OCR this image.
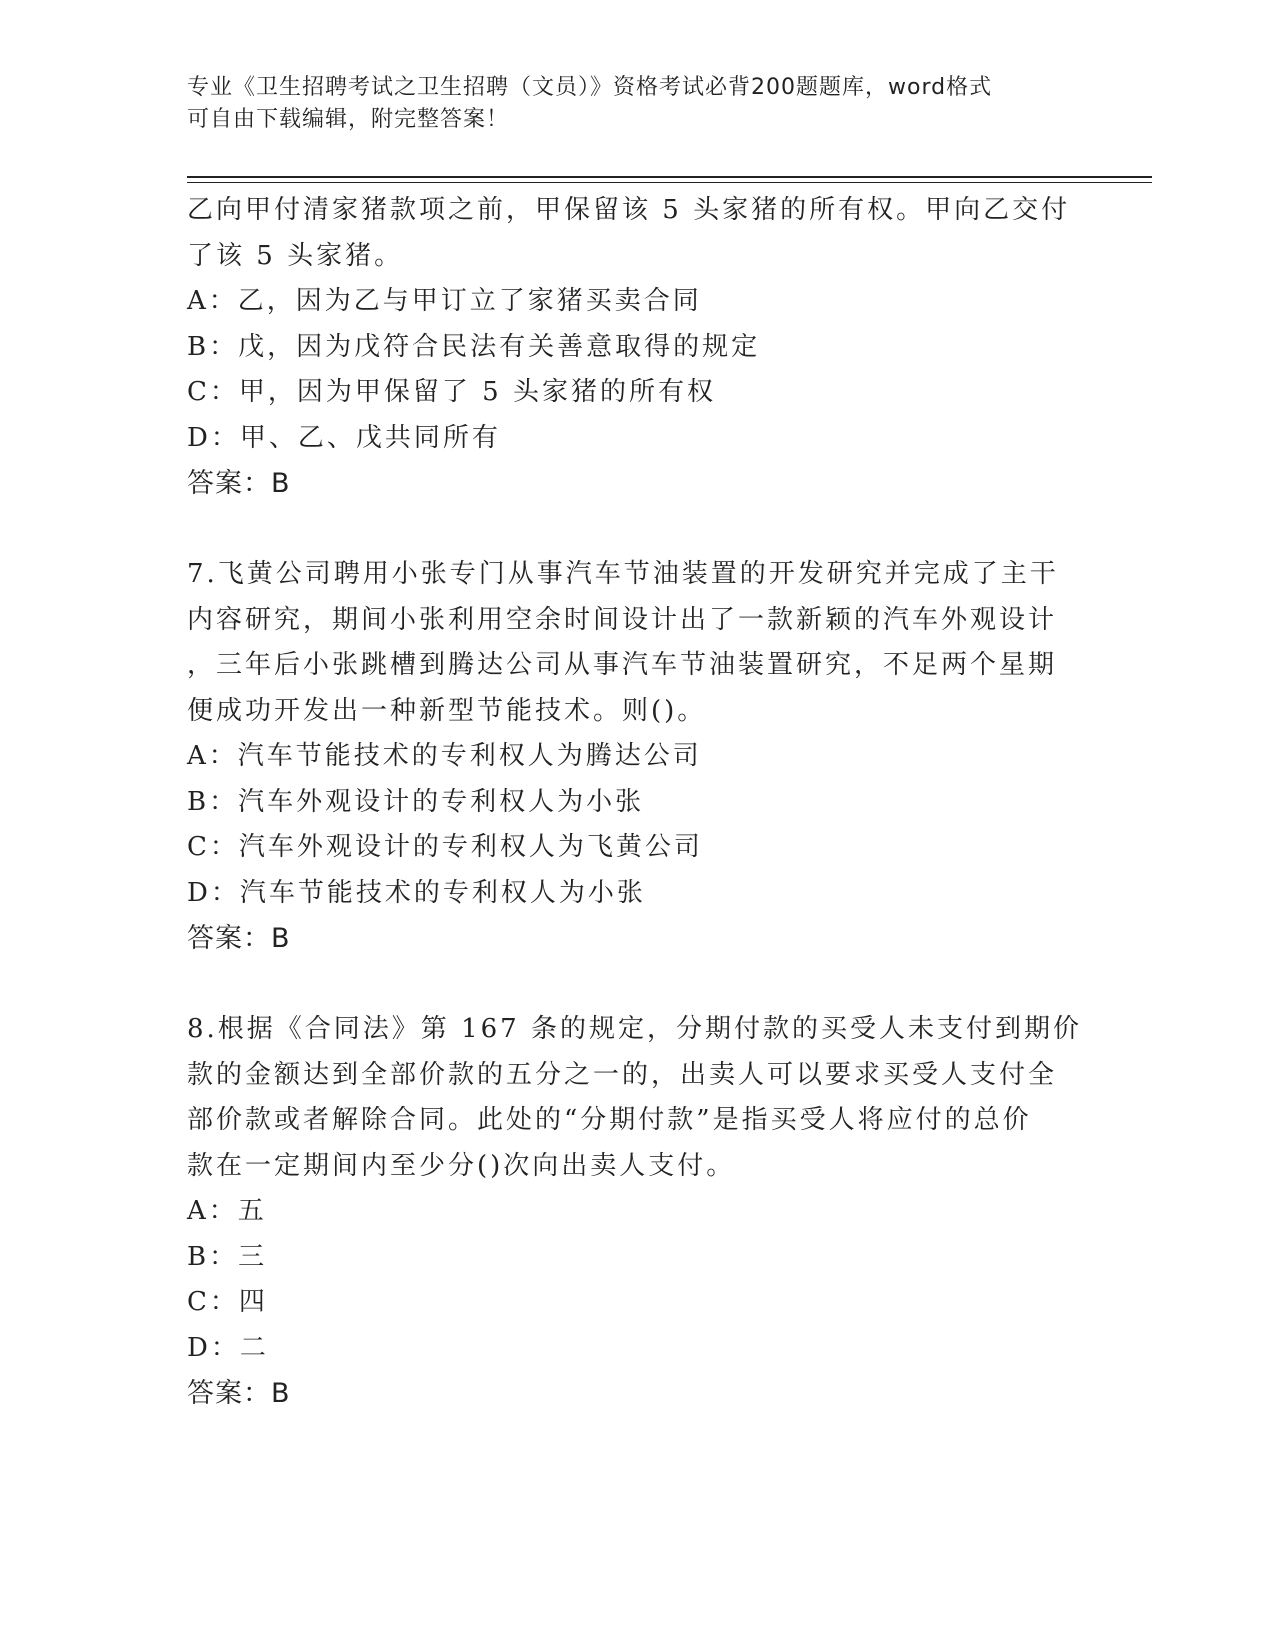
专业《卫生招聘考试之卫生招聘（文员）》资格考试必背200题题库，word格式
可自由下载编辑，附完整答案！
乙向甲付清家猪款项之前，甲保留该 5 头家猪的所有权。甲向乙交付
了该 5 头家猪。
A：乙，因为乙与甲订立了家猪买卖合同
B：戊，因为戊符合民法有关善意取得的规定
C：甲，因为甲保留了 5 头家猪的所有权
D：甲、乙、戊共同所有
答案：B
7.飞黄公司聘用小张专门从事汽车节油装置的开发研究并完成了主干
内容研究，期间小张利用空余时间设计出了一款新颖的汽车外观设计
，三年后小张跳槽到腾达公司从事汽车节油装置研究，不足两个星期
便成功开发出一种新型节能技术。则()。
A：汽车节能技术的专利权人为腾达公司
B：汽车外观设计的专利权人为小张
C：汽车外观设计的专利权人为飞黄公司
D：汽车节能技术的专利权人为小张
答案：B
8.根据《合同法》第 167 条的规定，分期付款的买受人未支付到期价
款的金额达到全部价款的五分之一的，出卖人可以要求买受人支付全
部价款或者解除合同。此处的“分期付款”是指买受人将应付的总价
款在一定期间内至少分()次向出卖人支付。
A：五
B：三
C：四
D：二
答案：B
